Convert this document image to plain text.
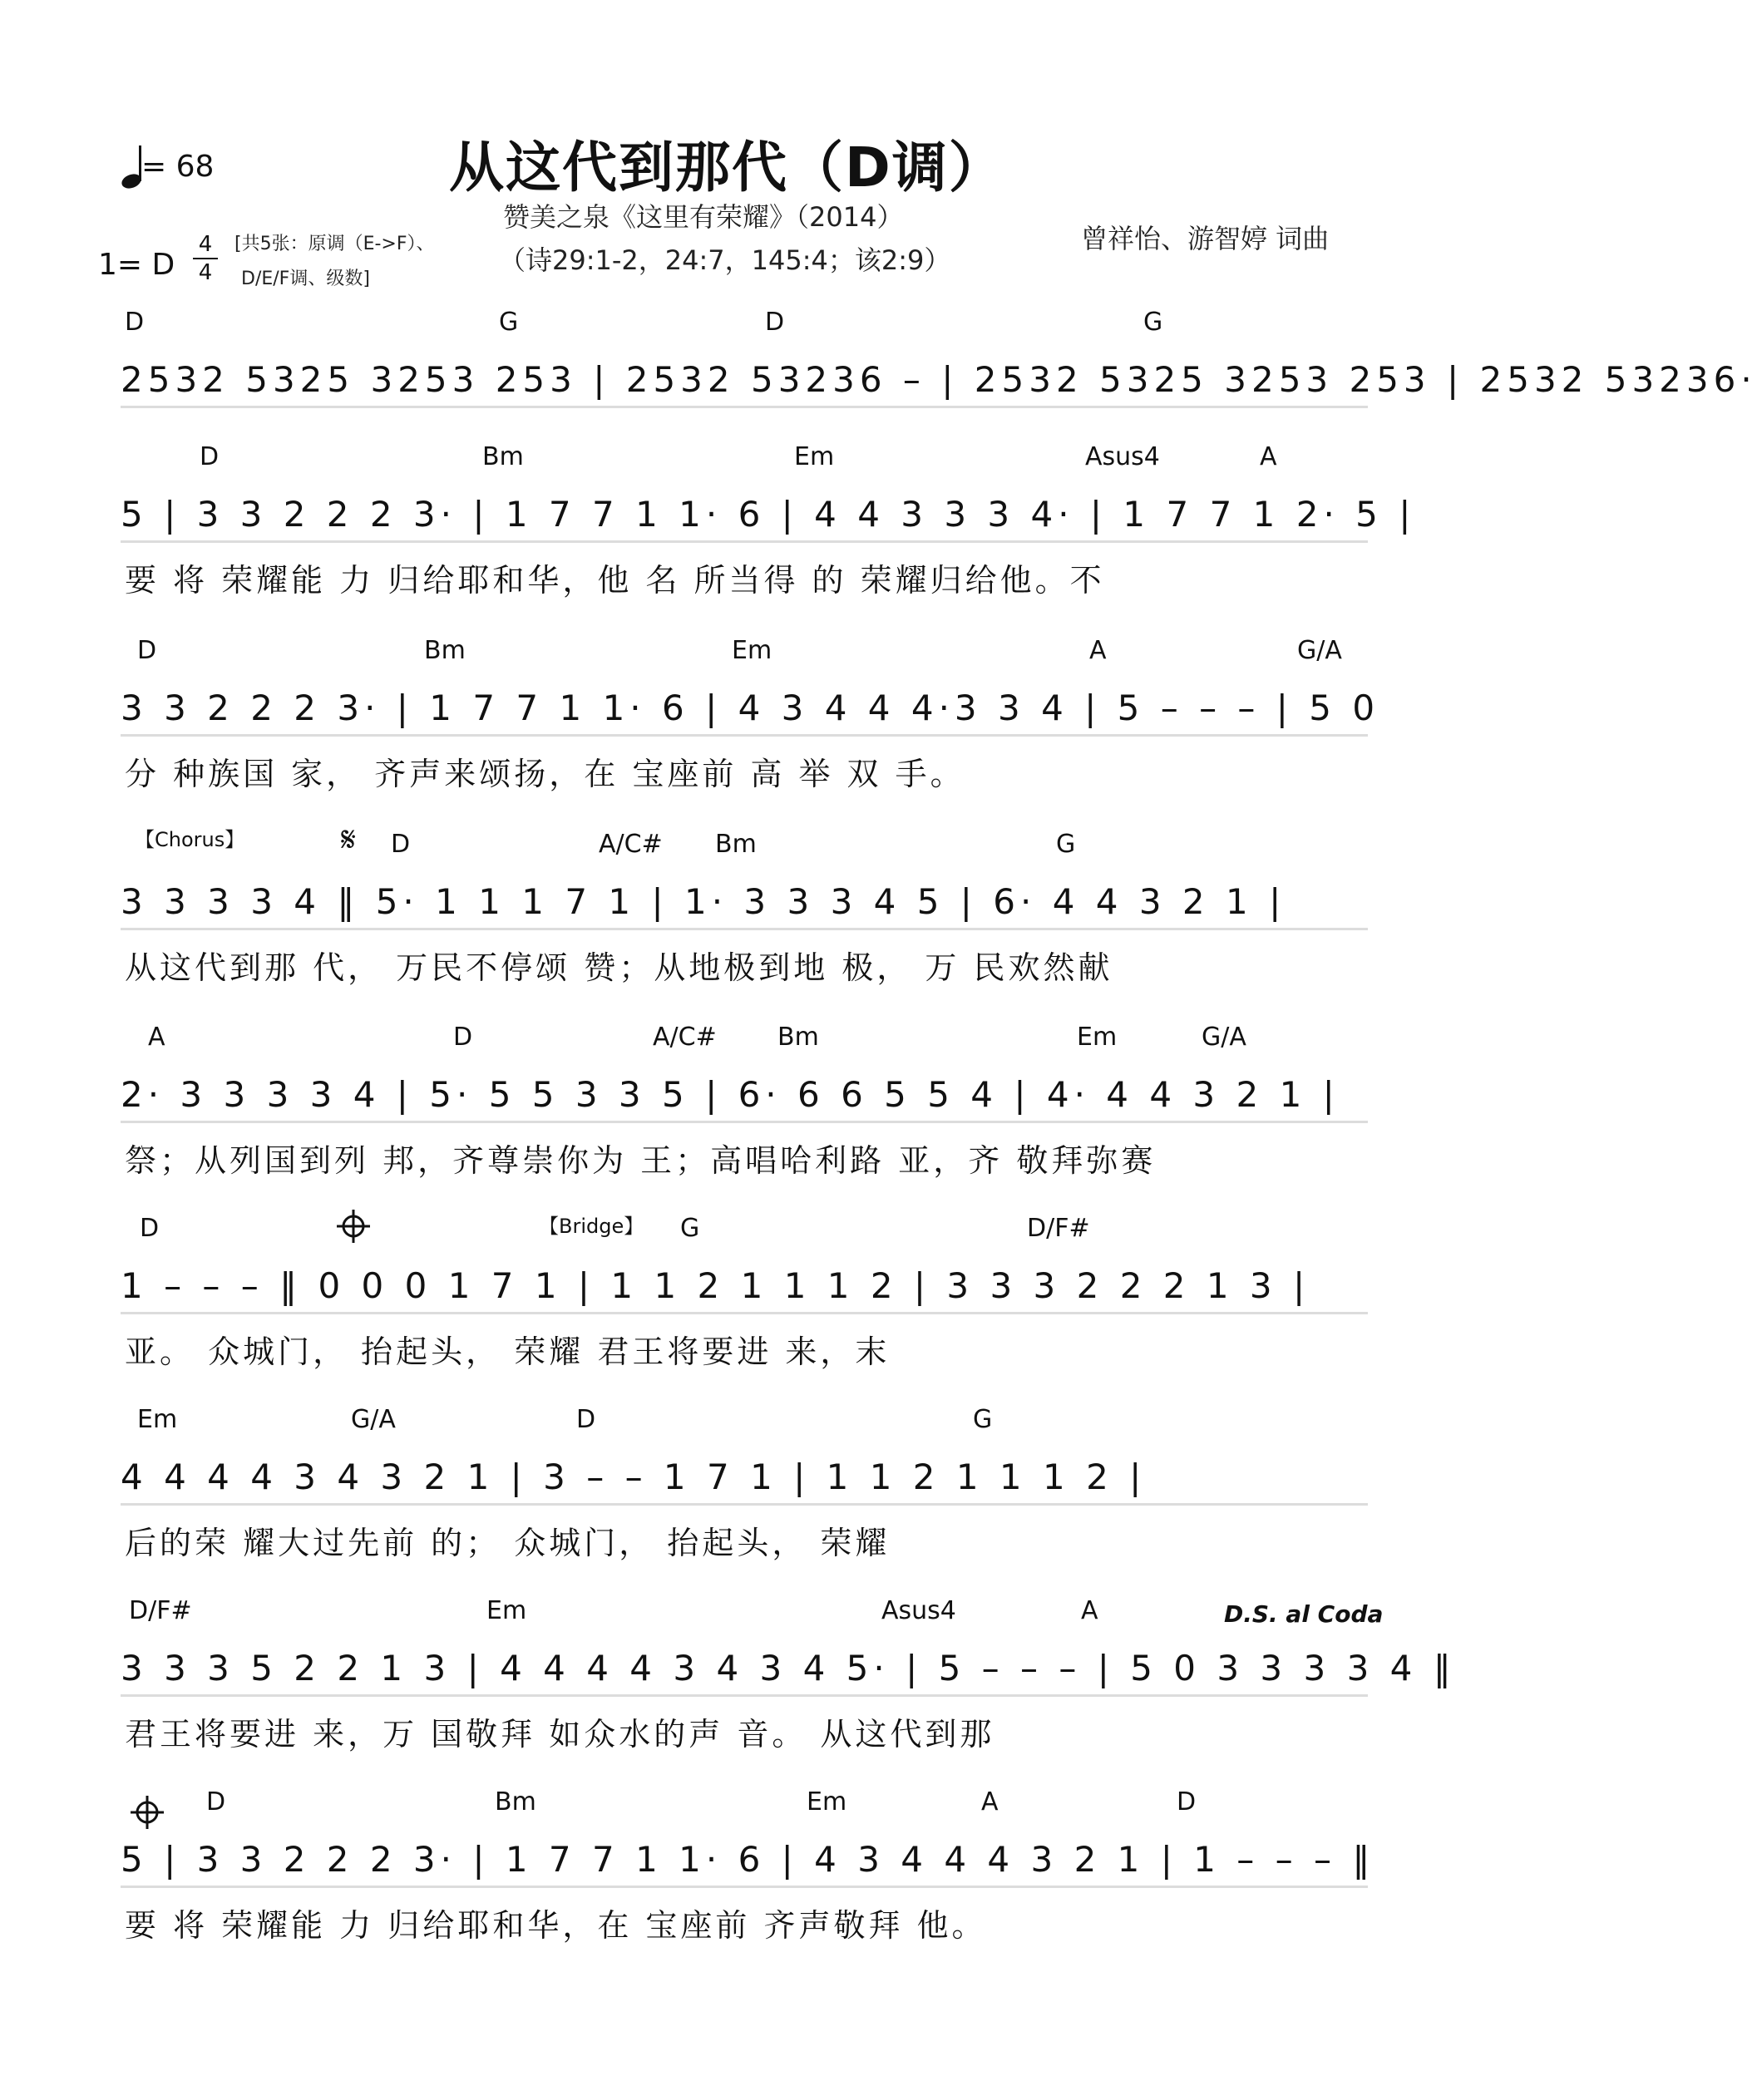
= 68	从这代到那代（D调）
赞美之泉《这里有荣耀》（2014）
（诗29:1-2，24:7，145:4；该2:9）
1= D
4
4
[共5张：原调（E->F）、
D/E/F调、级数]
曾祥怡、游智婷 词曲
【Chorus】
【Bridge】
D.S. al Coda
𝄋
D	G	D	G
2532 5325 3253 253 | 2532 53236 – | 2532 5325 3253 253 | 2532 53236·
D	Bm	Em	Asus4	A
5 | 3 3 2 2 2 3· | 1 7 7 1 1· 6 | 4 4 3 3 3 4· | 1 7 7 1 2· 5 |
要 将 荣耀能 力 归给耶和华，他 名 所当得 的 荣耀归给他。不
D	Bm	Em	A	G/A
3 3 2 2 2 3· | 1 7 7 1 1· 6 | 4 3 4 4 4·3 3 4 | 5 – – – | 5 0
分 种族国 家， 齐声来颂扬，在 宝座前 高 举 双 手。
D	A/C# Bm	G
3 3 3 3 4 ‖ 5· 1 1 1 7 1 | 1· 3 3 3 4 5 | 6· 4 4 3 2 1 |
从这代到那 代， 万民不停颂 赞；从地极到地 极， 万 民欢然献
A	D	A/C# Bm	Em	G/A
2· 3 3 3 3 4 | 5· 5 5 3 3 5 | 6· 6 6 5 5 4 | 4· 4 4 3 2 1 |
祭；从列国到列 邦，齐尊崇你为 王；高唱哈利路 亚，齐 敬拜弥赛
D	G	D/F#
1 – – – ‖ 0 0 0 1 7 1 | 1 1 2 1 1 1 2 | 3 3 3 2 2 2 1 3 |
亚。 众城门， 抬起头， 荣耀 君王将要进 来，末
Em	G/A	D	G
4 4 4 4 3 4 3 2 1 | 3 – – 1 7 1 | 1 1 2 1 1 1 2 |
后的荣 耀大过先前 的； 众城门， 抬起头， 荣耀
D/F#	Em	Asus4	A
3 3 3 5 2 2 1 3 | 4 4 4 4 3 4 3 4 5· | 5 – – – | 5 0 3 3 3 3 4 ‖
君王将要进 来，万 国敬拜 如众水的声 音。 从这代到那
D	Bm	Em	A	D
5 | 3 3 2 2 2 3· | 1 7 7 1 1· 6 | 4 3 4 4 4 3 2 1 | 1 – – – ‖
要 将 荣耀能 力 归给耶和华，在 宝座前 齐声敬拜 他。
